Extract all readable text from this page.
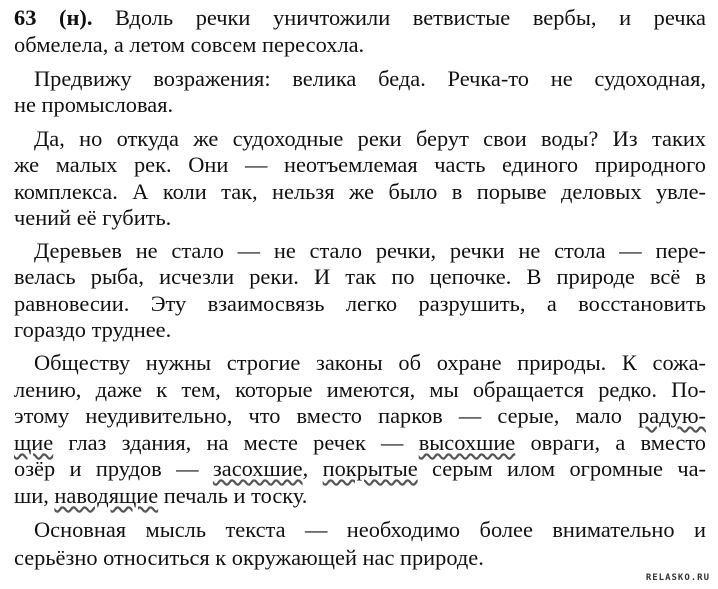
63 (н). Вдоль речки уничтожили ветвистые вербы, и речка
обмелела, а летом совсем пересохла.
Предвижу возражения: велика беда. Речка-то не судоходная,
не промысловая.
Да, но откуда же судоходные реки берут свои воды? Из таких
же малых рек. Они — неотъемлемая часть единого природного
комплекса. А коли так, нельзя же было в порыве деловых увле-
чений её губить.
Деревьев не стало — не стало речки, речки не стола — пере-
велась рыба, исчезли реки. И так по цепочке. В природе всё в
равновесии. Эту взаимосвязь легко разрушить, а восстановить
гораздо труднее.
Обществу нужны строгие законы об охране природы. К сожа-
лению, даже к тем, которые имеются, мы обращается редко. По-
этому неудивительно, что вместо парков — серые, мало радую-
щие глаз здания, на месте речек — высохшие овраги, а вместо
озёр и прудов — засохшие, покрытые серым илом огромные ча-
ши, наводящие печаль и тоску.
Основная мысль текста — необходимо более внимательно и
серьёзно относиться к окружающей нас природе.
RELASKO.RU
